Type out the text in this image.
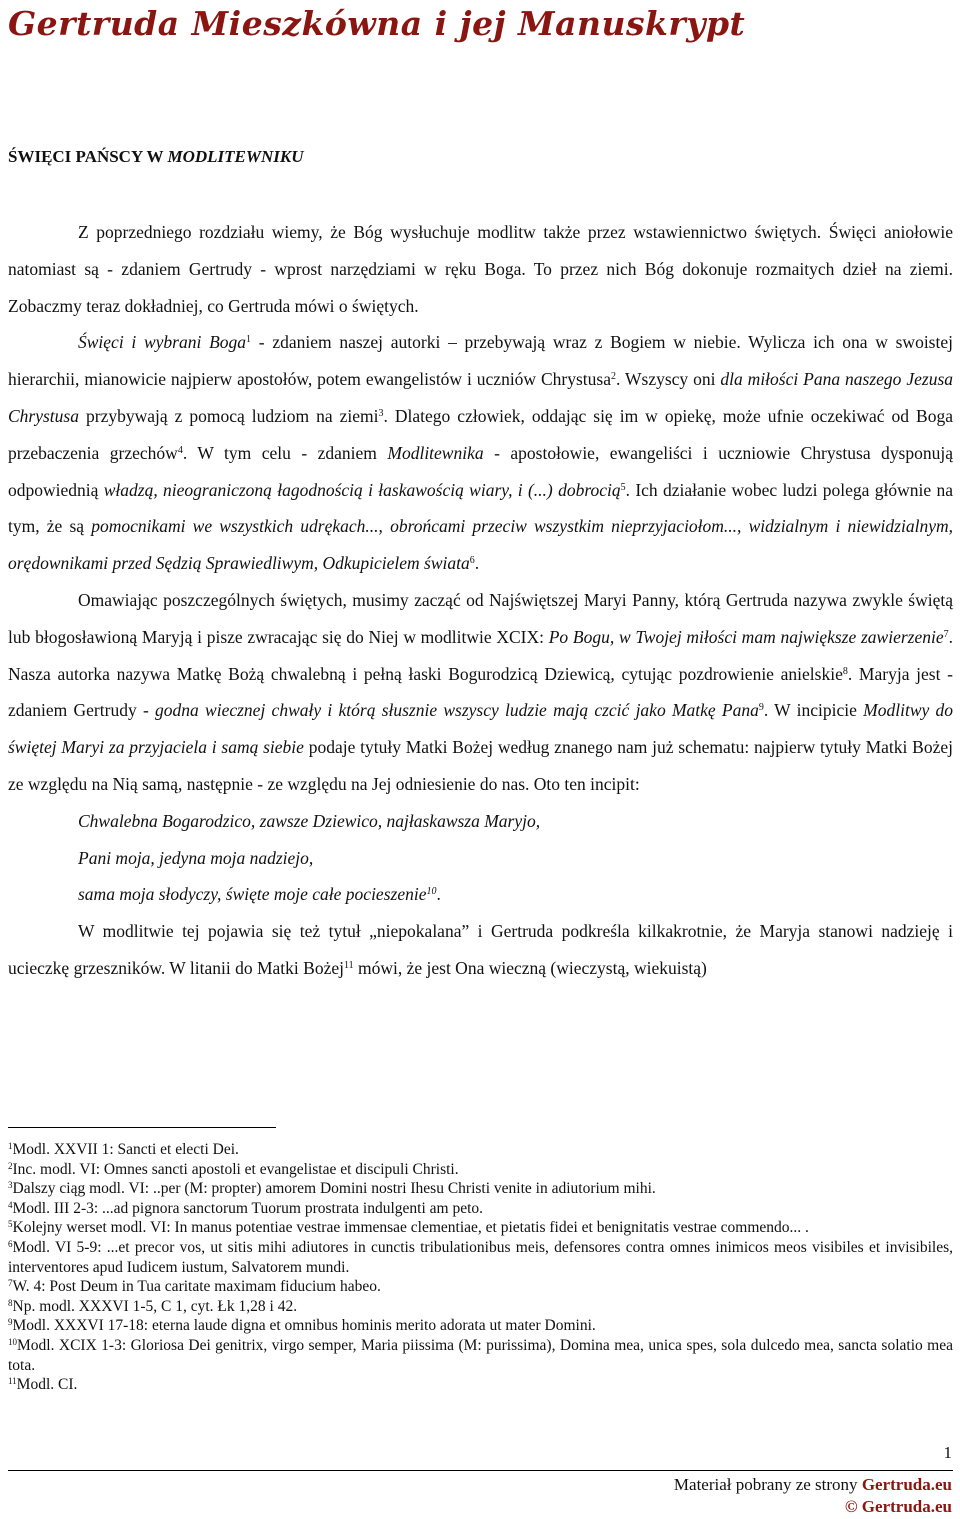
Gertruda Mieszkówna i jej Manuskrypt
ŚWIĘCI PAŃSCY W MODLITEWNIKU

Z poprzedniego rozdziału wiemy, że Bóg wysłuchuje modlitw także przez wstawiennictwo świętych. Święci aniołowie natomiast są - zdaniem Gertrudy - wprost narzędziami w ręku Boga. To przez nich Bóg dokonuje rozmaitych dzieł na ziemi. Zobaczmy teraz dokładniej, co Gertruda mówi o świętych.

Święci i wybrani Boga$^1$ - zdaniem naszej autorki – przebywają wraz z Bogiem w niebie. Wylicza ich ona w swoistej hierarchii, mianowicie najpierw apostołów, potem ewangelistów i uczniów Chrystusa$^2$. Wszyscy oni dla miłości Pana naszego Jezusa Chrystusa przybywają z pomocą ludziom na ziemi$^3$. Dlatego człowiek, oddając się im w opiekę, może ufnie oczekiwać od Boga przebaczenia grzechów$^4$. W tym celu - zdaniem Modlitewnika - apostołowie, ewangeliści i uczniowie Chrystusa dysponują odpowiednią władzą, nieograniczoną łagodnością i łaskawością wiary, i (...) dobrocią$^5$. Ich działanie wobec ludzi polega głównie na tym, że są pomocnikami we wszystkich udrękach..., obrońcami przeciw wszystkim nieprzyjaciołom..., widzialnym i niewidzialnym, orędownikami przed Sędzią Sprawiedliwym, Odkupicielem świata$^6$.

Omawiając poszczególnych świętych, musimy zacząć od Najświętszej Maryi Panny, którą Gertruda nazywa zwykle świętą lub błogosławioną Maryją i pisze zwracając się do Niej w modlitwie XCIX: Po Bogu, w Twojej miłości mam największe zawierzenie$^7$. Nasza autorka nazywa Matkę Bożą chwalebną i pełną łaski Bogurodzicą Dziewicą, cytując pozdrowienie anielskie$^8$. Maryja jest - zdaniem Gertrudy - godna wiecznej chwały i którą słusznie wszyscy ludzie mają czcić jako Matkę Pana$^9$. W incipicie Modlitwy do świętej Maryi za przyjaciela i samą siebie podaje tytuły Matki Bożej według znanego nam już schematu: najpierw tytuły Matki Bożej ze względu na Nią samą, następnie - ze względu na Jej odniesienie do nas. Oto ten incipit:

Chwalebna Bogarodzico, zawsze Dziewico, najłaskawsza Maryjo,
Pani moja, jedyna moja nadziejo,
sama moja słodyczy, święte moje całe pocieszenie$^{10}$.

W modlitwie tej pojawia się też tytuł „niepokalana” i Gertruda podkreśla kilkakrotnie, że Maryja stanowi nadzieję i ucieczkę grzeszników. W litanii do Matki Bożej$^{11}$ mówi, że jest Ona wieczną (wieczystą, wiekuistą)

$^1$Modl. XXVII 1: Sancti et electi Dei.
$^2$Inc. modl. VI: Omnes sancti apostoli et evangelistae et discipuli Christi.
$^3$Dalszy ciąg modl. VI: ..per (M: propter) amorem Domini nostri Ihesu Christi venite in adiutorium mihi.
$^4$Modl. III 2-3: ...ad pignora sanctorum Tuorum prostrata indulgenti am peto.
$^5$Kolejny werset modl. VI: In manus potentiae vestrae immensae clementiae, et pietatis fidei et benignitatis vestrae commendo... .
$^6$Modl. VI 5-9: ...et precor vos, ut sitis mihi adiutores in cunctis tribulationibus meis, defensores contra omnes inimicos meos visibiles et invisibiles, interventores apud Iudicem iustum, Salvatorem mundi.
$^7$W. 4: Post Deum in Tua caritate maximam fiducium habeo.
$^8$Np. modl. XXXVI 1-5, C 1, cyt. Łk 1,28 i 42.
$^9$Modl. XXXVI 17-18: eterna laude digna et omnibus hominis merito adorata ut mater Domini.
$^{10}$Modl. XCIX 1-3: Gloriosa Dei genitrix, virgo semper, Maria piissima (M: purissima), Domina mea, unica spes, sola dulcedo mea, sancta solatio mea tota.
$^{11}$Modl. CI.
1
Materiał pobrany ze strony Gertruda.eu
© Gertruda.eu
